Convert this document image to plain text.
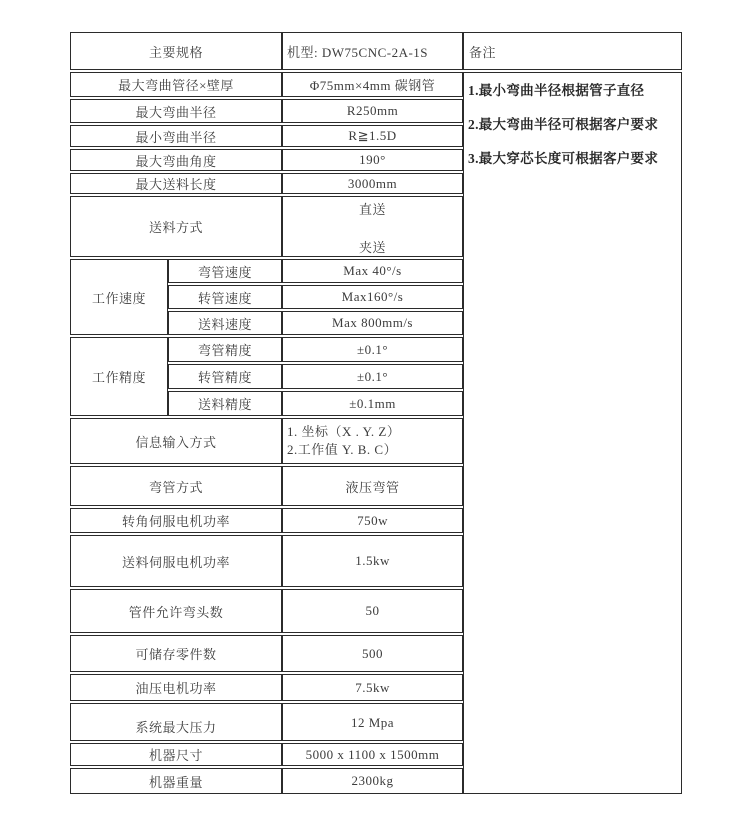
主要规格		机型: DW75CNC-2A-1S	备注
最大弯曲管径×壁厚		Φ75mm×4mm 碳钢管	1.最小弯曲半径根据管子直径
2.最大弯曲半径可根据客户要求
3.最大穿芯长度可根据客户要求

最大弯曲半径		R250mm	
最小弯曲半径		R≧1.5D	
最大弯曲角度		190°	
最大送料长度		3000mm	
送料方式		直送
夹送	

工作速度	弯管速度	Max 40°/s	
	转管速度	Max160°/s	
	送料速度	Max 800mm/s	
工作精度	弯管精度	±0.1°	
	转管精度	±0.1°	
	送料精度	±0.1mm	
信息输入方式		1. 坐标（X . Y. Z）
2.工作值 Y. B. C）	

弯管方式		液压弯管	
转角伺服电机功率		750w	
送料伺服电机功率		1.5kw	
管件允许弯头数		50	
可储存零件数		500	
油压电机功率		7.5kw	
系统最大压力		12 Mpa	
机器尺寸		5000 x 1100 x 1500mm	
机器重量		2300kg	
